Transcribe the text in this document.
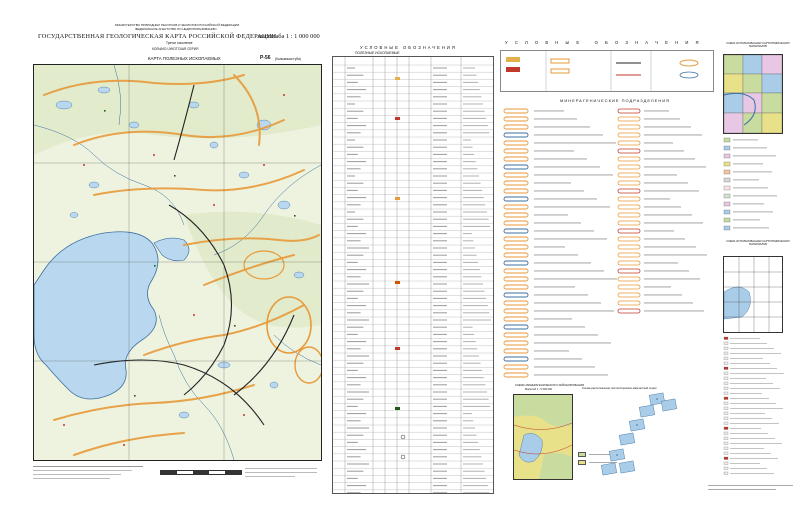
МИНИСТЕРСТВО ПРИРОДНЫХ РЕСУРСОВ И ЭКОЛОГИИ РОССИЙСКОЙ ФЕДЕРАЦИИ
ФЕДЕРАЛЬНОЕ АГЕНТСТВО ПО НЕДРОПОЛЬЗОВАНИЮ
ГОСУДАРСТВЕННАЯ ГЕОЛОГИЧЕСКАЯ КАРТА РОССИЙСКОЙ ФЕДЕРАЦИИ
масштаба 1 : 1 000 000
Третье поколение
КОЛЫМО-ЧУКОТСКАЯ СЕРИЯ
КАРТА ПОЛЕЗНЫХ ИСКОПАЕМЫХ	P-56 (Колымская губа)
УСЛОВНЫЕ ОБОЗНАЧЕНИЯ
ПОЛЕЗНЫЕ ИСКОПАЕМЫЕ
У С Л О В Н Ы Е   О Б О З Н А Ч Е Н И Я
МИНЕРАГЕНИЧЕСКИЕ ПОДРАЗДЕЛЕНИЯ
СХЕМА МИНЕРАГЕНИЧЕСКОГО РАЙОНИРОВАНИЯ
Масштаб 1 : 5 000 000	Схема расположения листов Корякско-Камчатской серии
СХЕМА ИСПОЛЬЗОВАННЫХ КАРТОГРАФИЧЕСКИХ МАТЕРИАЛОВ
СХЕМА ИСПОЛЬЗОВАННЫХ КАРТОГРАФИЧЕСКИХ МАТЕРИАЛОВ
